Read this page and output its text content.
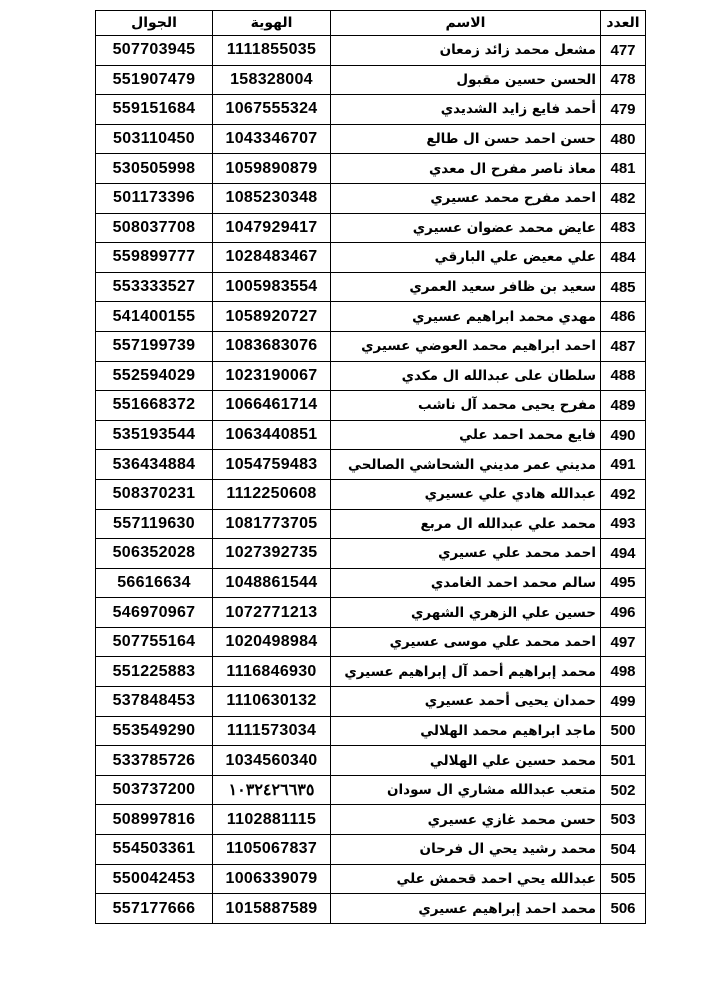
العدد	الاسم	الهوية	الجوال
477	مشعل محمد زائد زمعان	1111855035	507703945
478	الحسن حسين مقبول	158328004	551907479
479	أحمد فايع زايد الشديدي	1067555324	559151684
480	حسن احمد حسن ال طالع	1043346707	503110450
481	معاذ ناصر مفرح ال معدي	1059890879	530505998
482	احمد مفرح محمد عسيري	1085230348	501173396
483	عايض محمد عضوان عسيري	1047929417	508037708
484	علي معيض علي البارقي	1028483467	559899777
485	سعيد بن ظافر سعيد العمري	1005983554	553333527
486	مهدي محمد ابراهيم عسيري	1058920727	541400155
487	احمد ابراهيم محمد العوضي عسيري	1083683076	557199739
488	سلطان على عبدالله ال مكدي	1023190067	552594029
489	مفرح يحيى محمد آل ناشب	1066461714	551668372
490	فايع محمد احمد علي	1063440851	535193544
491	مديني عمر مديني الشحاشي الصالحي	1054759483	536434884
492	عبدالله هادي علي عسيري	1112250608	508370231
493	محمد علي عبدالله ال مربع	1081773705	557119630
494	احمد محمد علي عسيري	1027392735	506352028
495	سالم محمد احمد الغامدي	1048861544	56616634
496	حسين علي الزهري الشهري	1072771213	546970967
497	احمد محمد علي موسى عسيري	1020498984	507755164
498	محمد إبراهيم أحمد آل إبراهيم عسيري	1116846930	551225883
499	حمدان يحيى أحمد عسيري	1110630132	537848453
500	ماجد ابراهيم محمد الهلالي	1111573034	553549290
501	محمد حسين علي الهلالي	1034560340	533785726
502	متعب عبدالله مشاري ال سودان	١٠٣٢٤٢٦٦٣٥	503737200
503	حسن محمد غازي عسيري	1102881115	508997816
504	محمد رشيد يحي ال فرحان	1105067837	554503361
505	عبدالله يحي احمد قحمش علي	1006339079	550042453
506	محمد احمد إبراهيم عسيري	1015887589	557177666
